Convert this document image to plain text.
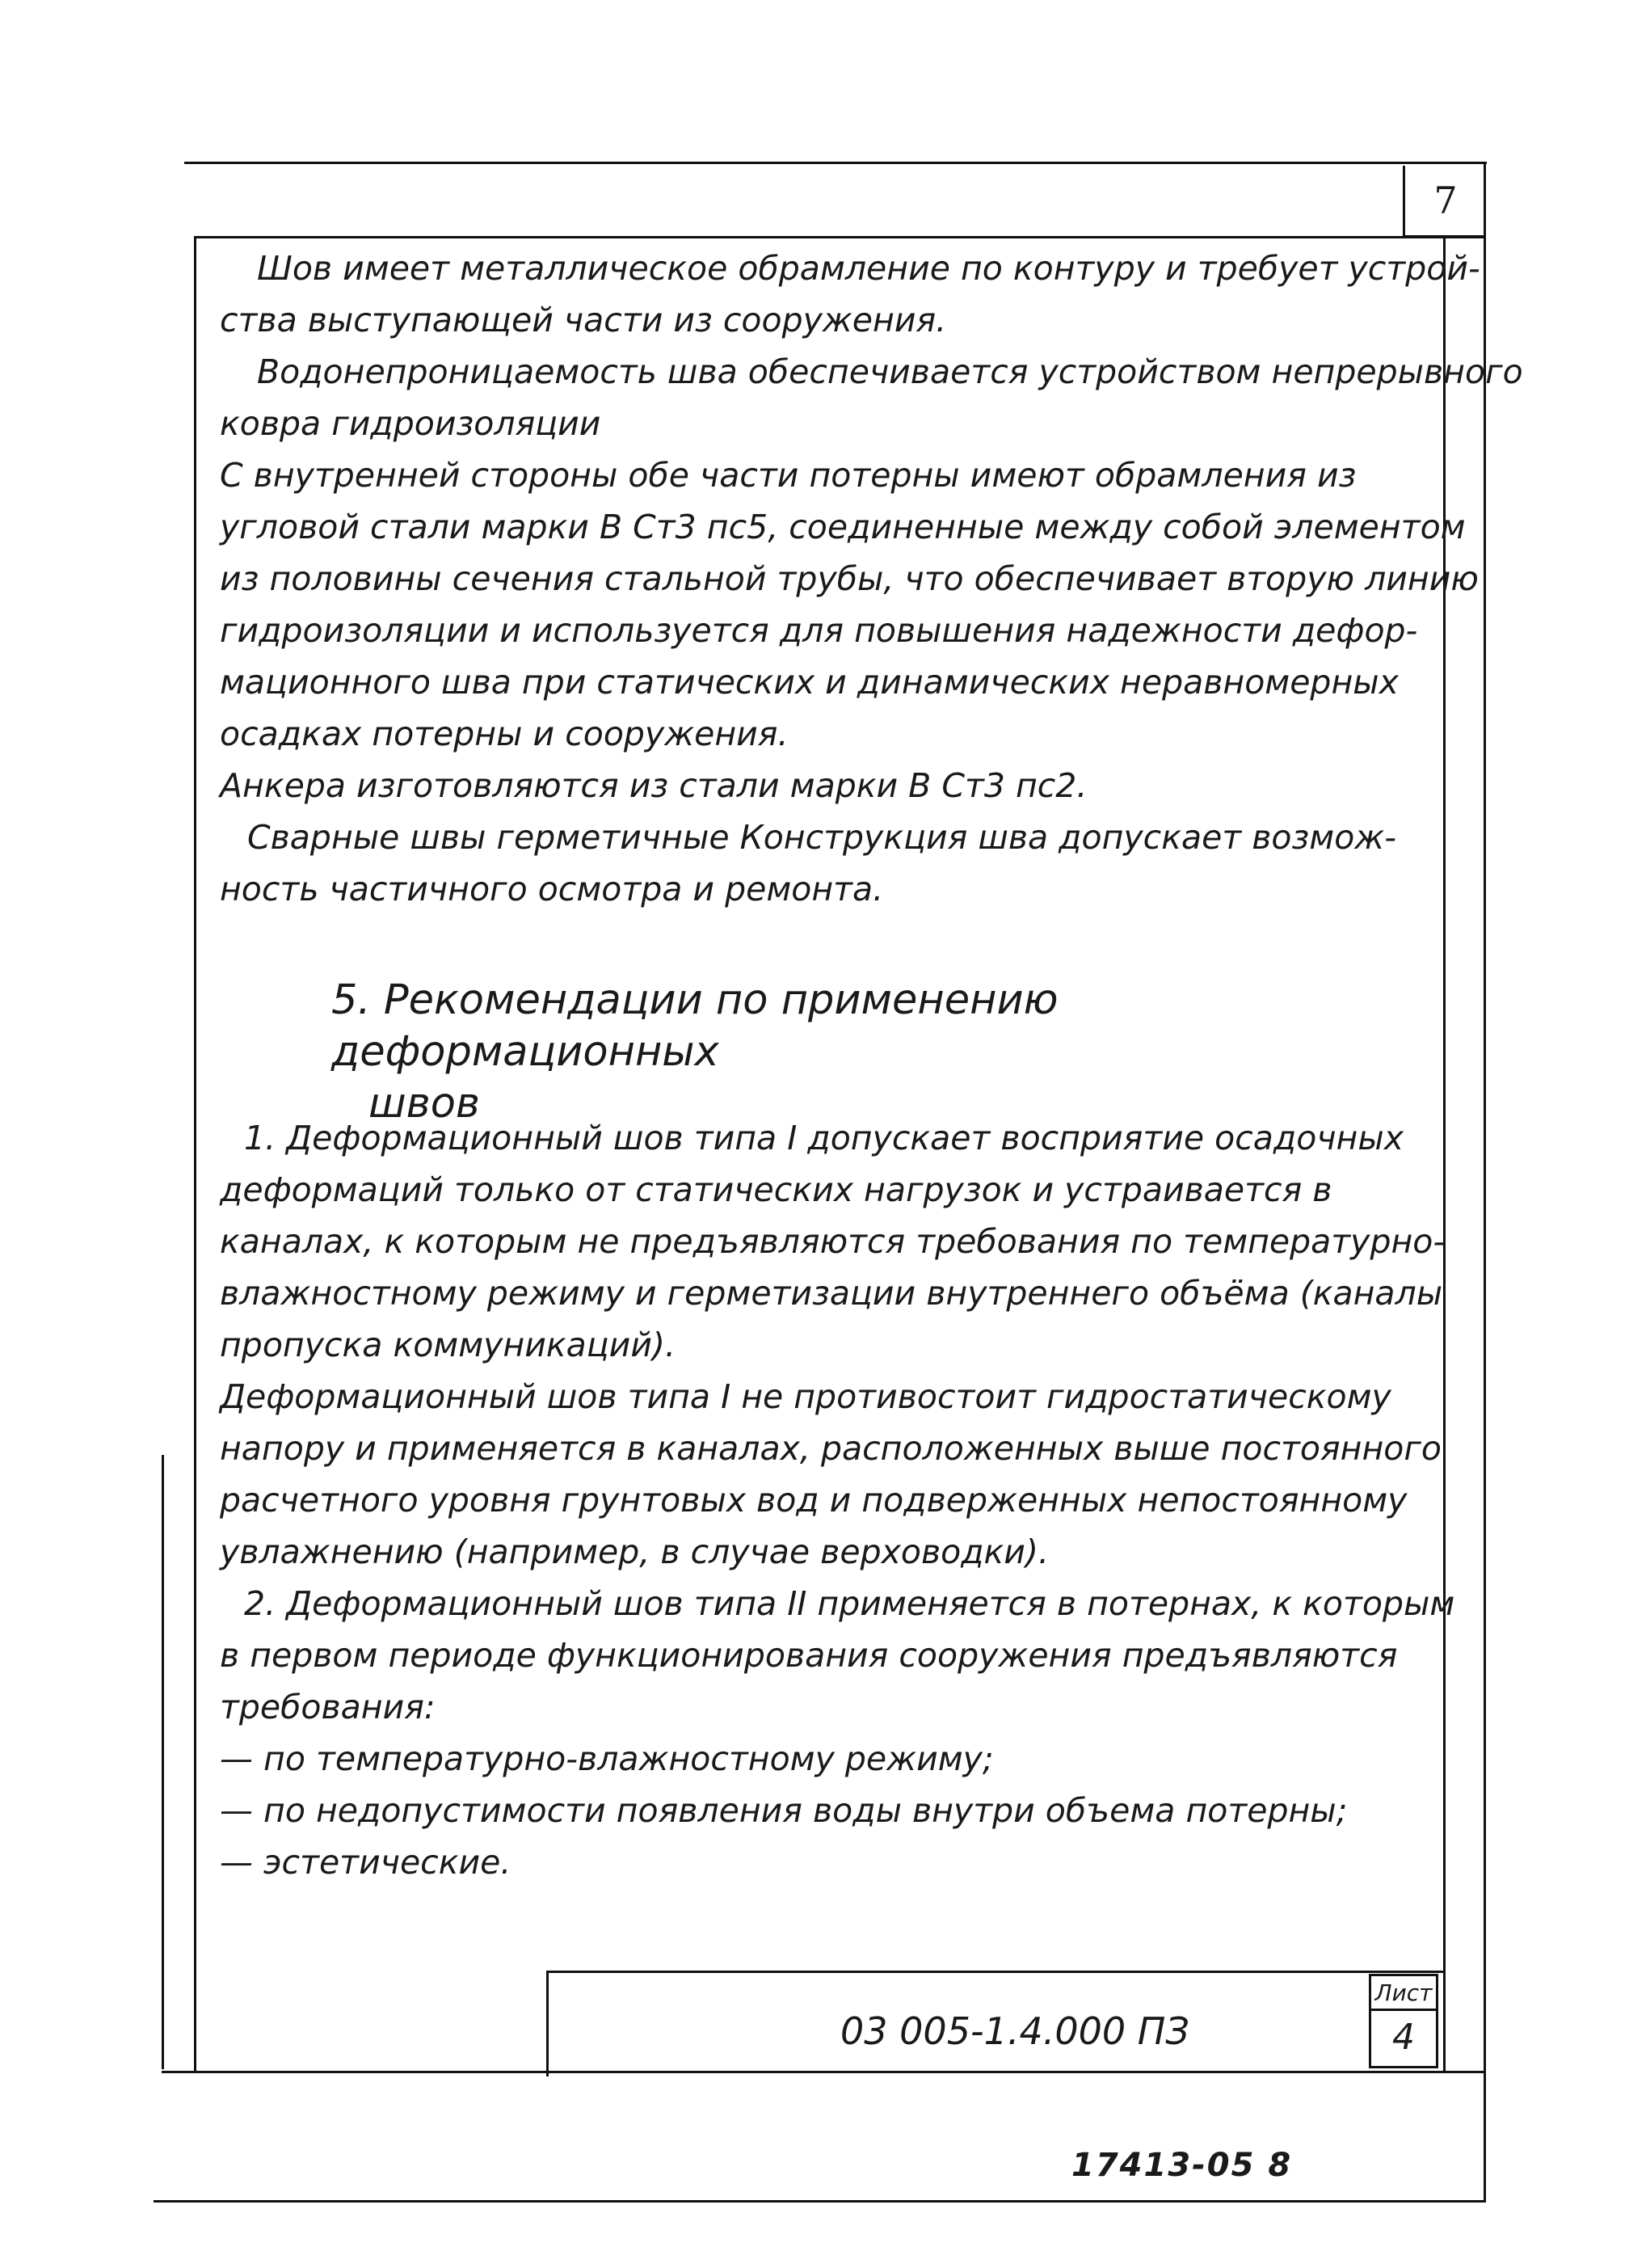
7
Шов имеет металлическое обрамление по контуру и требует устрой-
ства выступающей части из сооружения.
Водонепроницаемость шва обеспечивается устройством непрерывного
ковра гидроизоляции
С внутренней стороны обе части потерны имеют обрамления из
угловой стали марки В Ст3 пс5, соединенные между собой элементом
из половины сечения стальной трубы, что обеспечивает вторую линию
гидроизоляции и используется для повышения надежности дефор-
мационного шва при статических и динамических неравномерных
осадках потерны и сооружения.
Анкера изготовляются из стали марки В Ст3 пс2.
Сварные швы герметичные Конструкция шва допускает возмож-
ность частичного осмотра и ремонта.
5. Рекомендации по применению деформационных
швов
1. Деформационный шов типа I допускает восприятие осадочных
деформаций только от статических нагрузок и устраивается в
каналах, к которым не предъявляются требования по температурно-
влажностному режиму и герметизации внутреннего объёма (каналы
пропуска коммуникаций).
Деформационный шов типа I не противостоит гидростатическому
напору и применяется в каналах, расположенных выше постоянного
расчетного уровня грунтовых вод и подверженных непостоянному
увлажнению (например, в случае верховодки).
2. Деформационный шов типа II применяется в потернах, к которым
в первом периоде функционирования сооружения предъявляются
требования:
— по температурно-влажностному режиму;
— по недопустимости появления воды внутри объема потерны;
— эстетические.
03 005-1.4.000 ПЗ
Лист
4
17413-05 8
